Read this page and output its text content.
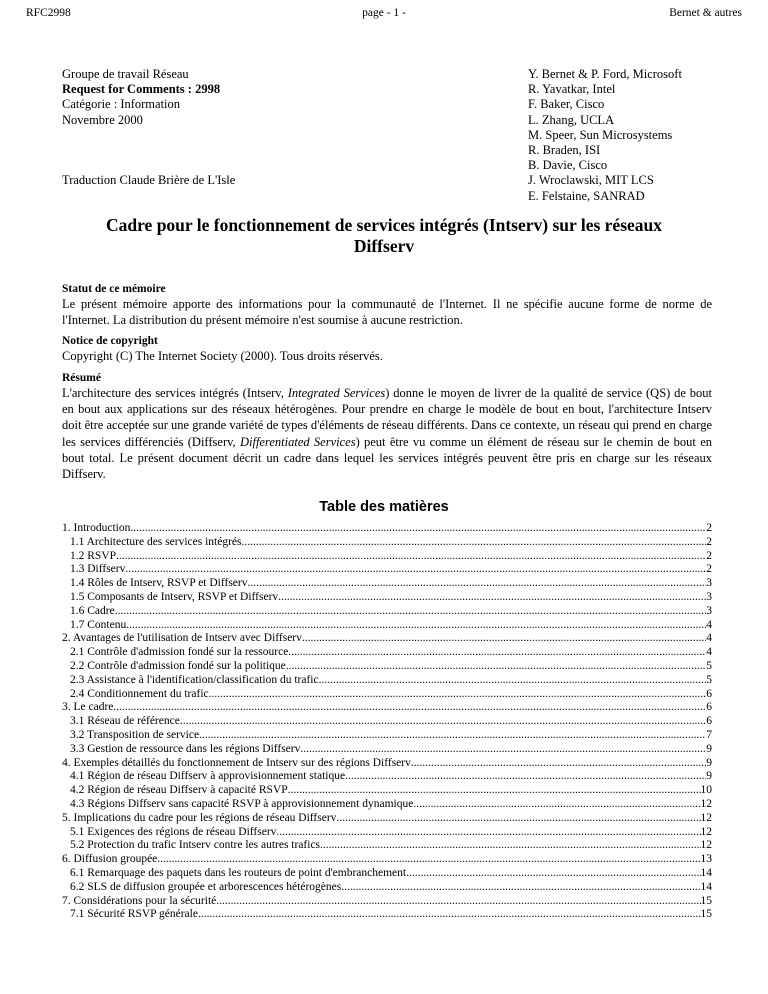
RFC2998	page - 1 -	Bernet & autres
Groupe de travail Réseau
Request for Comments : 2998
Catégorie : Information
Novembre 2000
Y. Bernet & P. Ford, Microsoft
R. Yavatkar, Intel
F. Baker, Cisco
L. Zhang, UCLA
M. Speer, Sun Microsystems
R. Braden, ISI
B. Davie, Cisco
J. Wroclawski, MIT LCS
E. Felstaine, SANRAD
Traduction Claude Brière de L'Isle
Cadre pour le fonctionnement de services intégrés (Intserv) sur les réseaux
Diffserv
Statut de ce mémoire

Le présent mémoire apporte des informations pour la communauté de l'Internet. Il ne spécifie aucune forme de norme de l'Internet. La distribution du présent mémoire n'est soumise à aucune restriction.

Notice de copyright

Copyright (C) The Internet Society (2000). Tous droits réservés.

Résumé

L'architecture des services intégrés (Intserv, Integrated Services) donne le moyen de livrer de la qualité de service (QS) de bout en bout aux applications sur des réseaux hétérogènes. Pour prendre en charge le modèle de bout en bout, l'architecture Intserv doit être acceptée sur une grande variété de types d'éléments de réseau différents. Dans ce contexte, un réseau qui prend en charge les services différenciés (Diffserv, Differentiated Services) peut être vu comme un élément de réseau sur le chemin de bout en bout total. Le présent document décrit un cadre dans lequel les services intégrés peuvent être pris en charge sur les réseaux Diffserv.

Table des matières
1. Introduction .....	2
1.1 Architecture des services intégrés .....	2
1.2 RSVP .....	2
1.3 Diffserv .....	2
1.4 Rôles de Intserv, RSVP et Diffserv .....	3
1.5 Composants de Intserv, RSVP et Diffserv .....	3
1.6 Cadre .....	3
1.7 Contenu .....	4
2. Avantages de l'utilisation de Intserv avec Diffserv .....	4
2.1 Contrôle d'admission fondé sur la ressource .....	4
2.2 Contrôle d'admission fondé sur la politique .....	5
2.3 Assistance à l'identification/classification du trafic .....	5
2.4 Conditionnement du trafic .....	6
3. Le cadre .....	6
3.1 Réseau de référence .....	6
3.2 Transposition de service .....	7
3.3 Gestion de ressource dans les régions Diffserv .....	9
4. Exemples détaillés du fonctionnement de Intserv sur des régions Diffserv .....	9
4.1 Région de réseau Diffserv à approvisionnement statique .....	9
4.2 Région de réseau Diffserv à capacité RSVP .....	10
4.3 Régions Diffserv sans capacité RSVP à approvisionnement dynamique .....	12
5. Implications du cadre pour les régions de réseau Diffserv .....	12
5.1 Exigences des régions de réseau Diffserv .....	12
5.2 Protection du trafic Intserv contre les autres trafics .....	12
6. Diffusion groupée .....	13
6.1 Remarquage des paquets dans les routeurs de point d'embranchement .....	14
6.2 SLS de diffusion groupée et arborescences hétérogènes .....	14
7. Considérations pour la sécurité .....	15
7.1 Sécurité RSVP générale .....	15
